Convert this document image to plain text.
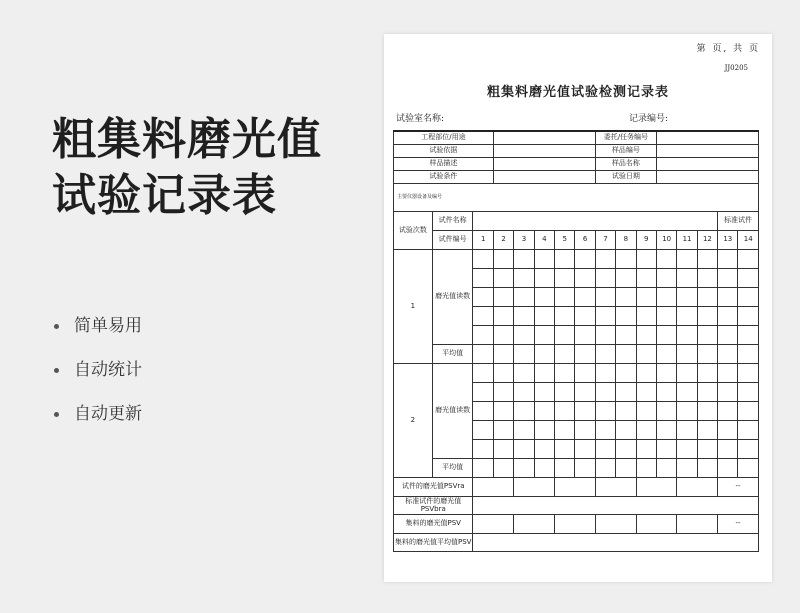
粗集料磨光值试验记录表
简单易用
自动统计
自动更新
第 页, 共 页
JJ0205
粗集料磨光值试验检测记录表
试验室名称:	记录编号:
工程部位/用途								委托/任务编号							
试验依据								样品编号							
样品描述								样品名称							
试验条件								试验日期							
主要仪器设备及编号															
试验次数	试件名称													标准试件	
	试件编号	1	2	3	4	5	6	7	8	9	10	11	12	13	14
1	磨光值读数														

	平均值														
2	磨光值读数														

	平均值														
试件的磨光值PSVra														--	
标准试件的磨光值PSVbra															
集料的磨光值PSV														--	
集料的磨光值平均值PSV															
